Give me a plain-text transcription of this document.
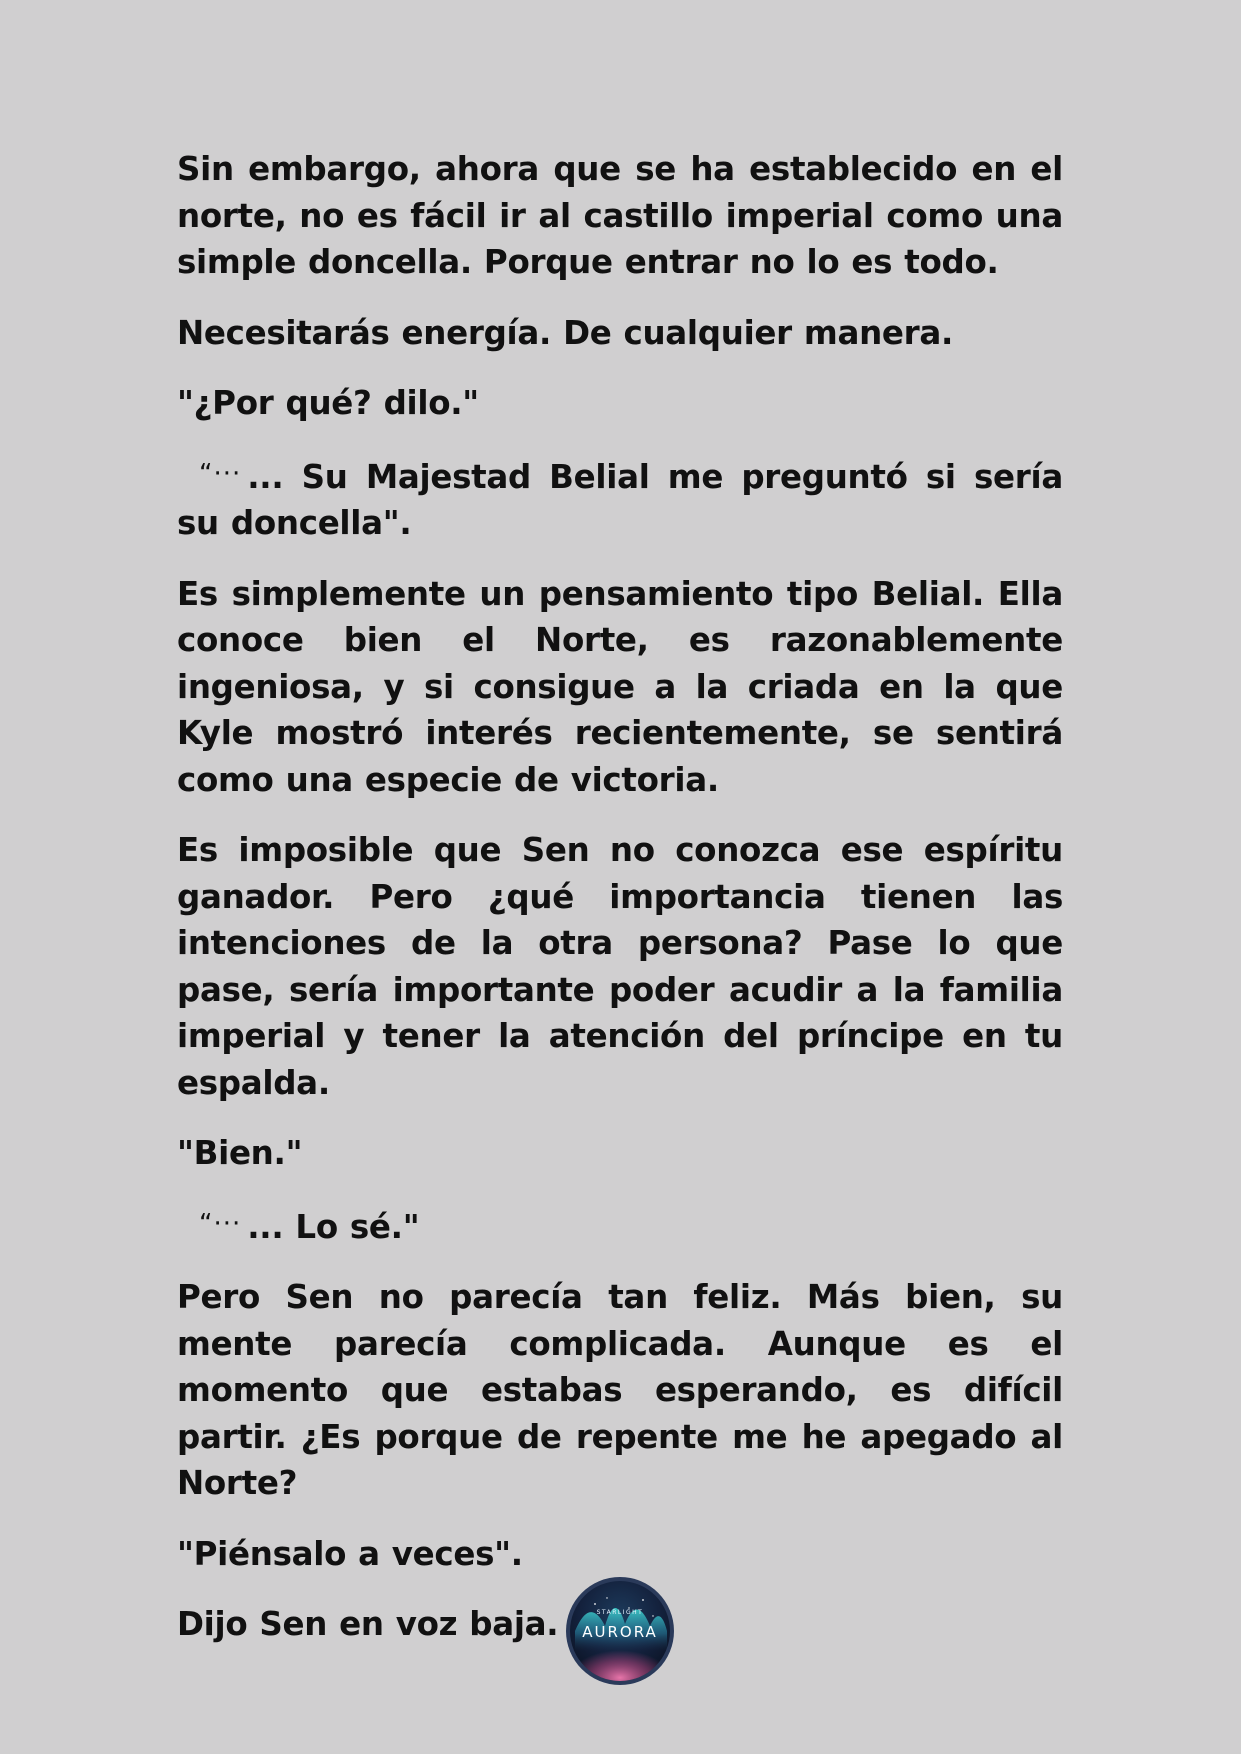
Sin embargo, ahora que se ha establecido en el norte, no es fácil ir al castillo imperial como una simple doncella. Porque entrar no lo es todo.

Necesitarás energía. De cualquier manera.

"¿Por qué? dilo."

“··· ... Su Majestad Belial me preguntó si sería su doncella".

Es simplemente un pensamiento tipo Belial. Ella conoce bien el Norte, es razonablemente ingeniosa, y si consigue a la criada en la que Kyle mostró interés recientemente, se sentirá como una especie de victoria.

Es imposible que Sen no conozca ese espíritu ganador. Pero ¿qué importancia tienen las intenciones de la otra persona? Pase lo que pase, sería importante poder acudir a la familia imperial y tener la atención del príncipe en tu espalda.

"Bien."

“··· ... Lo sé."

Pero Sen no parecía tan feliz. Más bien, su mente parecía complicada. Aunque es el momento que estabas esperando, es difícil partir. ¿Es porque de repente me he apegado al Norte?

"Piénsalo a veces".

Dijo Sen en voz baja.	STARLIGHT
AURORA
